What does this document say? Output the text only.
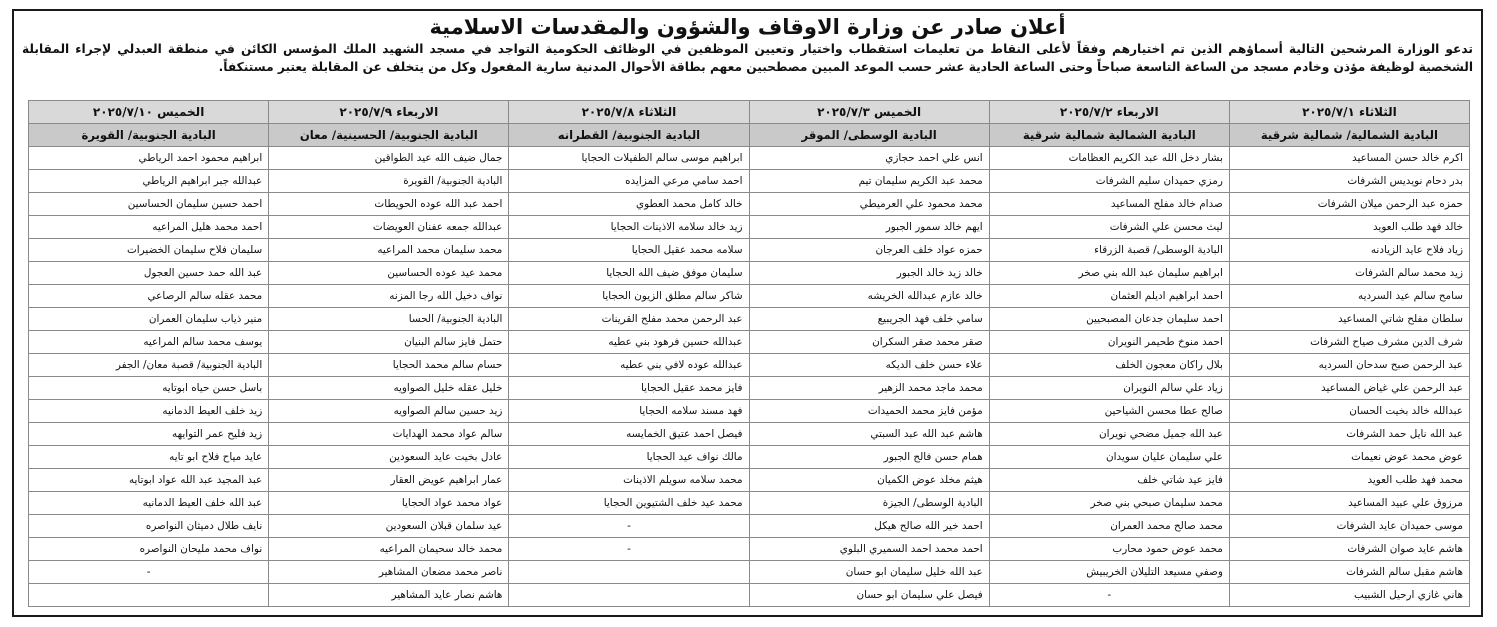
أعلان صادر عن وزارة الاوقاف والشؤون والمقدسات الاسلامية
تدعو الوزارة المرشحين التالية أسماؤهم الذين تم اختيارهم وفقاً لأعلى النقاط من تعليمات استقطاب واختيار وتعيين الموظفين في الوظائف الحكومية التواجد في مسجد الشهيد الملك المؤسس الكائن في منطقة العبدلي لإجراء المقابلة الشخصية لوظيفة مؤذن وخادم مسجد من الساعة التاسعة صباحاً وحتى الساعة الحادية عشر حسب الموعد المبين مصطحبين معهم بطاقة الأحوال المدنية سارية المفعول وكل من يتخلف عن المقابلة يعتبر مستنكفاً.
الثلاثاء ٢٠٢٥/٧/١	الاربعاء ٢٠٢٥/٧/٢	الخميس ٢٠٢٥/٧/٣	الثلاثاء ٢٠٢٥/٧/٨	الاربعاء ٢٠٢٥/٧/٩	الخميس ٢٠٢٥/٧/١٠
البادية الشمالية/ شمالية شرقية	البادية الشمالية شمالية شرقية	البادية الوسطى/ الموقر	البادية الجنوبية/ القطرانه	البادية الجنوبية/ الحسينية/ معان	البادية الجنوبية/ القويرة
اكرم خالد حسن المساعيد	بشار دخل الله عبد الكريم العظامات	انس علي احمد حجازي	ابراهيم موسى سالم الطفيلات الحجايا	جمال ضيف الله عيد الطواقين	ابراهيم محمود احمد الرياطي
بدر دحام نويديس الشرفات	رمزي حميدان سليم الشرفات	محمد عبد الكريم سليمان تيم	احمد سامي مرعي المزايده	البادية الجنوبية/ القويرة	عبدالله جبر ابراهيم الرياطي
حمزه عبد الرحمن ميلان الشرفات	صدام خالد مفلح المساعيد	محمد محمود علي العرميطي	خالد كامل محمد العطوي	احمد عبد الله عوده الحويطات	احمد حسين سليمان الحساسين
خالد فهد طلب العويد	ليث محسن علي الشرفات	ايهم خالد سمور الجبور	زيد خالد سلامه الاذينات الحجايا	عبدالله جمعه عفنان العويضات	احمد محمد هليل المراعيه
زياد فلاح عايد الزيادنه	البادية الوسطى/ قصبة الزرقاء	حمزه عواد خلف العرجان	سلامه محمد عقيل الحجايا	محمد سليمان محمد المراعيه	سليمان فلاح سليمان الخضيرات
زيد محمد سالم الشرفات	ابراهيم سليمان عبد الله بني صخر	خالد زيد خالد الجبور	سليمان موفق ضيف الله الحجايا	محمد عيد عوده الحساسين	عبد الله حمد حسين العجول
سامح سالم عيد السرديه	احمد ابراهيم اديلم العثمان	خالد عازم عبدالله الخريشه	شاكر سالم مطلق الزيون الحجايا	نواف دخيل الله رجا المزنه	محمد عقله سالم الرصاعي
سلطان مفلح شاتي المساعيد	احمد سليمان جدعان المصبحيين	سامي خلف فهد الجريبيع	عبد الرحمن محمد مفلح القرينات	البادية الجنوبية/ الحسا	منير ذياب سليمان العمران
شرف الدين مشرف صياح الشرفات	احمد منوخ طحيمر النويران	صقر محمد صقر السكران	عبدالله حسين فرهود بني عطيه	حتمل فايز سالم البنيان	يوسف محمد سالم المراعيه
عبد الرحمن صبح سدحان السرديه	بلال راكان معجون الخلف	علاء حسن خلف الديكه	عبدالله عوده لافي بني عطيه	حسام سالم محمد الحجايا	البادية الجنوبية/ قصبة معان/ الجفر
عبد الرحمن علي غياض المساعيد	زياد علي سالم النويران	محمد ماجد محمد الزهير	فايز محمد عقيل الحجايا	خليل عقله خليل الصواويه	باسل حسن حياه ابوتايه
عبدالله خالد بخيت الحسان	صالح عطا محسن الشياحين	مؤمن فايز محمد الحميدات	فهد مسند سلامه الحجايا	زيد حسين سالم الصواويه	زيد خلف العيط الدمانيه
عبد الله نايل حمد الشرفات	عبد الله جميل مضحي نويران	هاشم عبد الله عبد السبتي	فيصل احمد عتيق الخمايسه	سالم عواد محمد الهدايات	زيد فليح عمر التوايهه
عوض محمد عوض نعيمات	علي سليمان عليان سويدان	همام حسن فالح الجبور	مالك نواف عيد الحجايا	عادل بخيت عايد السعودين	عايد مياح فلاح ابو تايه
محمد فهد طلب العويد	فايز عيد شاتي خلف	هيثم مخلد عوض الكميان	محمد سلامه سويلم الاذينات	عمار ابراهيم عويض العقار	عبد المجيد عبد الله عواد ابوتايه
مرزوق علي عبيد المساعيد	محمد سليمان صبحي بني صخر	البادية الوسطى/ الجيزة	محمد عيد خلف الشتيوين الحجايا	عواد محمد عواد الحجايا	عبد الله خلف العيط الدمانيه
موسى حميدان عايد الشرفات	محمد صالح محمد العمران	احمد خير الله صالح هيكل	-	عيد سلمان قبلان السعودين	نايف طلال دميثان النواصره
هاشم عايد صوان الشرفات	محمد عوض حمود محارب	احمد محمد احمد السميري البلوي	-	محمد خالد سحيمان المراعيه	نواف محمد مليحان النواصره
هاشم مقبل سالم الشرفات	وصفي مسيعد التليلان الخريبيش	عبد الله خليل سليمان ابو حسان		ناصر محمد مضعان المشاهير	-
هاني غازي ارحيل الشبيب	-	فيصل علي سليمان ابو حسان		هاشم نصار عايد المشاهير	
